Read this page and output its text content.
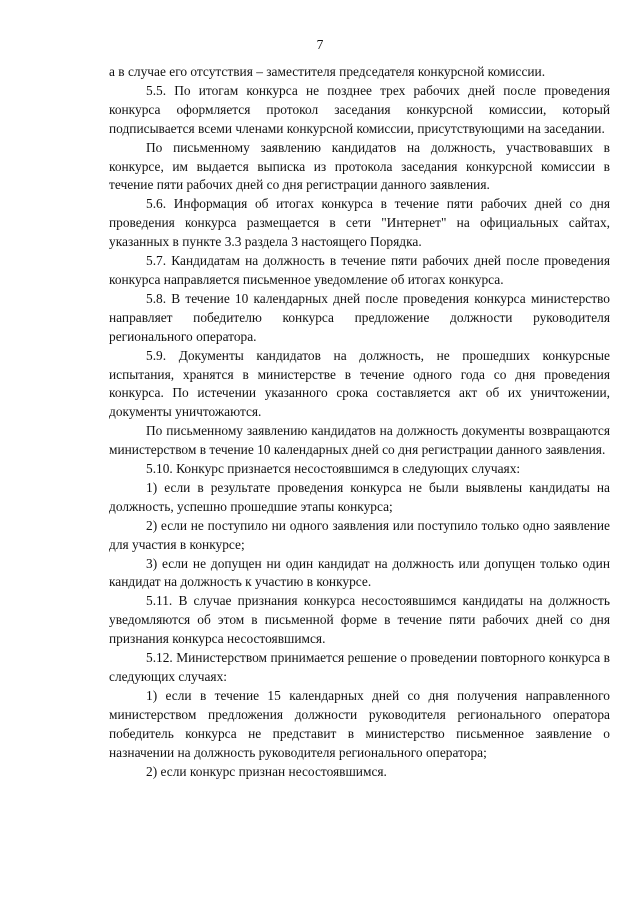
7

а в случае его отсутствия – заместителя председателя конкурсной комиссии.

5.5. По итогам конкурса не позднее трех рабочих дней после проведения конкурса оформляется протокол заседания конкурсной комиссии, который подписывается всеми членами конкурсной комиссии, присутствующими на заседании.

По письменному заявлению кандидатов на должность, участвовавших в конкурсе, им выдается выписка из протокола заседания конкурсной комиссии в течение пяти рабочих дней со дня регистрации данного заявления.

5.6. Информация об итогах конкурса в течение пяти рабочих дней со дня проведения конкурса размещается в сети "Интернет" на официальных сайтах, указанных в пункте 3.3 раздела 3 настоящего Порядка.

5.7. Кандидатам на должность в течение пяти рабочих дней после проведения конкурса направляется письменное уведомление об итогах конкурса.

5.8. В течение 10 календарных дней после проведения конкурса министерство направляет победителю конкурса предложение должности руководителя регионального оператора.

5.9. Документы кандидатов на должность, не прошедших конкурсные испытания, хранятся в министерстве в течение одного года со дня проведения конкурса. По истечении указанного срока составляется акт об их уничтожении, документы уничтожаются.

По письменному заявлению кандидатов на должность документы возвращаются министерством в течение 10 календарных дней со дня регистрации данного заявления.

5.10. Конкурс признается несостоявшимся в следующих случаях:

1) если в результате проведения конкурса не были выявлены кандидаты на должность, успешно прошедшие этапы конкурса;

2) если не поступило ни одного заявления или поступило только одно заявление для участия в конкурсе;

3) если не допущен ни один кандидат на должность или допущен только один кандидат на должность к участию в конкурсе.

5.11. В случае признания конкурса несостоявшимся кандидаты на должность уведомляются об этом в письменной форме в течение пяти рабочих дней со дня признания конкурса несостоявшимся.

5.12. Министерством принимается решение о проведении повторного конкурса в следующих случаях:

1) если в течение 15 календарных дней со дня получения направленного министерством предложения должности руководителя регионального оператора победитель конкурса не представит в министерство письменное заявление о назначении на должность руководителя регионального оператора;

2) если конкурс признан несостоявшимся.
